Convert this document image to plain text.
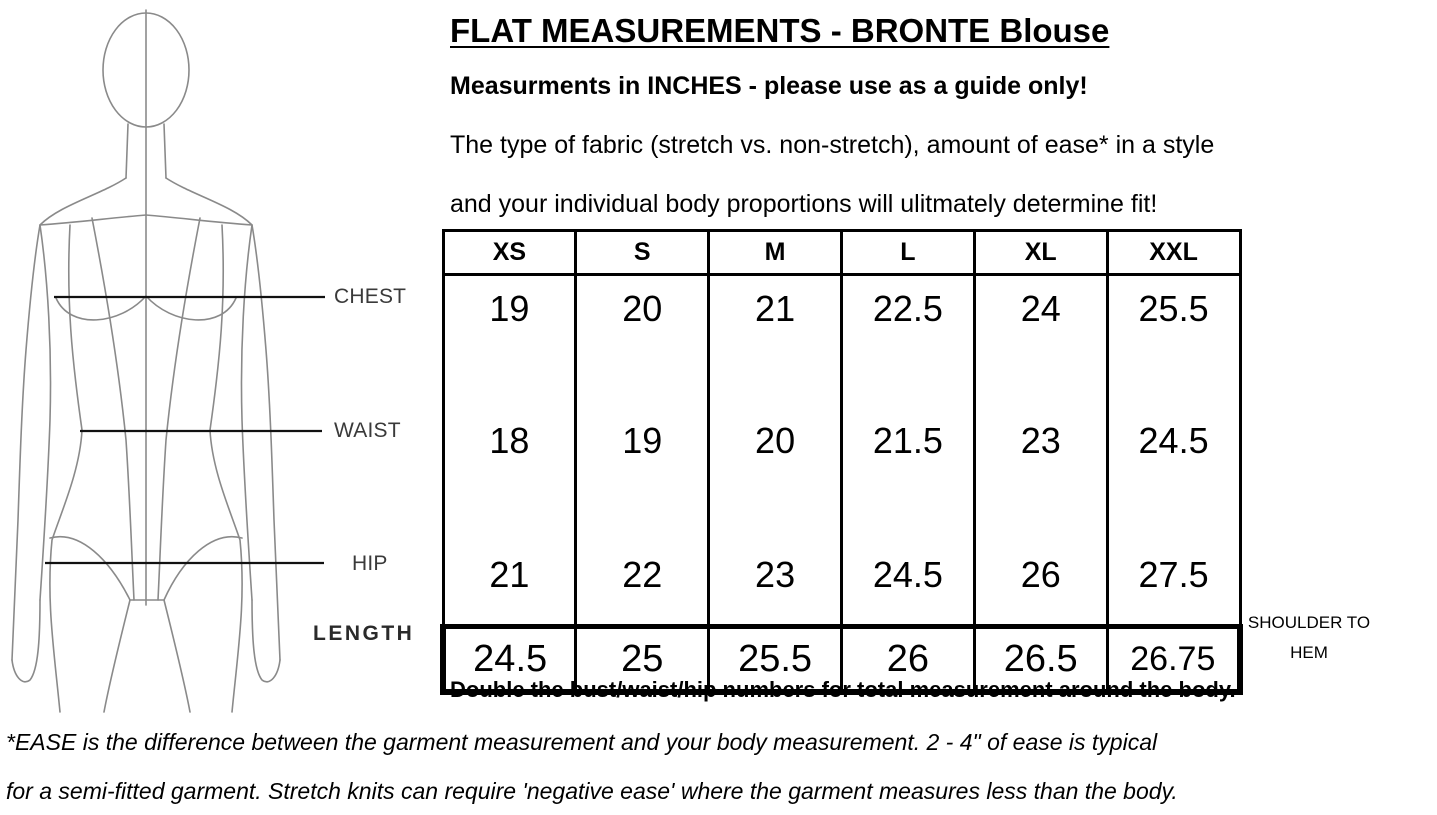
CHEST
WAIST
HIP
LENGTH
FLAT MEASUREMENTS - BRONTE Blouse
Measurments in INCHES - please use as a guide only!
The type of fabric (stretch vs. non-stretch), amount of ease* in a style
and your individual body proportions will ulitmately determine fit!
XS	S	M	L	XL	XXL
19	20	21	22.5	24	25.5
18	19	20	21.5	23	24.5
21	22	23	24.5	26	27.5
24.5	25	25.5	26	26.5	26.75
SHOULDER TO
HEM
Double the bust/waist/hip numbers for total measurement around the body.
*EASE is the difference between the garment measurement and your body measurement. 2 - 4" of ease is typical
for a semi-fitted garment. Stretch knits can require 'negative ease' where the garment measures less than the body.
